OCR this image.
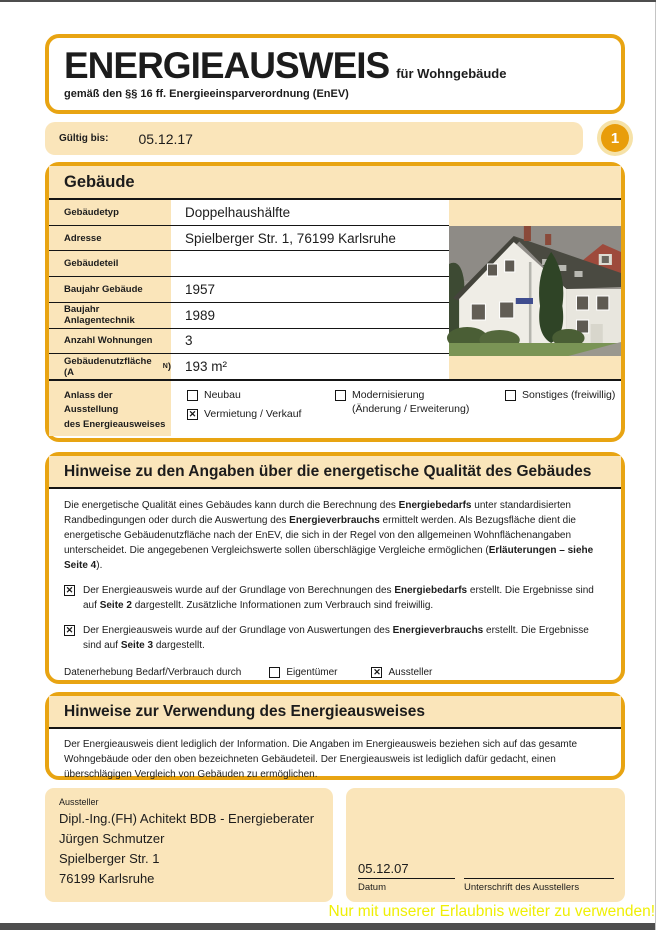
ENERGIEAUSWEIS für Wohngebäude
gemäß den §§ 16 ff. Energieeinsparverordnung (EnEV)
Gültig bis: 05.12.17	1
Gebäude
Gebäudetyp	Doppelhaushälfte
Adresse	Spielberger Str. 1, 76199 Karlsruhe
Gebäudeteil
Baujahr Gebäude	1957
Baujahr Anlagentechnik	1989
Anzahl Wohnungen	3
Gebäudenutzfläche (A	N )	193 m²
Anlass der Ausstellung
des Energieausweises
Neubau
✕ Vermietung / Verkauf
Modernisierung
(Änderung / Erweiterung)
Sonstiges (freiwillig)
Hinweise zu den Angaben über die energetische Qualität des Gebäudes

Die energetische Qualität eines Gebäudes kann durch die Berechnung des Energiebedarfs unter standardisierten Randbedingungen oder durch die Auswertung des Energieverbrauchs ermittelt werden. Als Bezugsfläche dient die energetische Gebäudenutzfläche nach der EnEV, die sich in der Regel von den allgemeinen Wohnflächenangaben unterscheidet. Die angegebenen Vergleichswerte sollen überschlägige Vergleiche ermöglichen (Erläuterungen – siehe Seite 4).

✕ Der Energieausweis wurde auf der Grundlage von Berechnungen des Energiebedarfs erstellt. Die Ergebnisse sind auf Seite 2 dargestellt. Zusätzliche Informationen zum Verbrauch sind freiwillig.
✕ Der Energieausweis wurde auf der Grundlage von Auswertungen des Energieverbrauchs erstellt. Die Ergebnisse sind auf Seite 3 dargestellt.
Datenerhebung Bedarf/Verbrauch durch	Eigentümer	✕ Aussteller
Hinweise zur Verwendung des Energieausweises
Der Energieausweis dient lediglich der Information. Die Angaben im Energieausweis beziehen sich auf das gesamte Wohngebäude oder den oben bezeichneten Gebäudeteil. Der Energieausweis ist lediglich dafür gedacht, einen überschlägigen Vergleich von Gebäuden zu ermöglichen.
Aussteller
Dipl.-Ing.(FH) Achitekt BDB - Energieberater
Jürgen Schmutzer
Spielberger Str. 1
76199 Karlsruhe
05.12.07
Datum	Unterschrift des Ausstellers
Nur mit unserer Erlaubnis weiter zu verwenden!
